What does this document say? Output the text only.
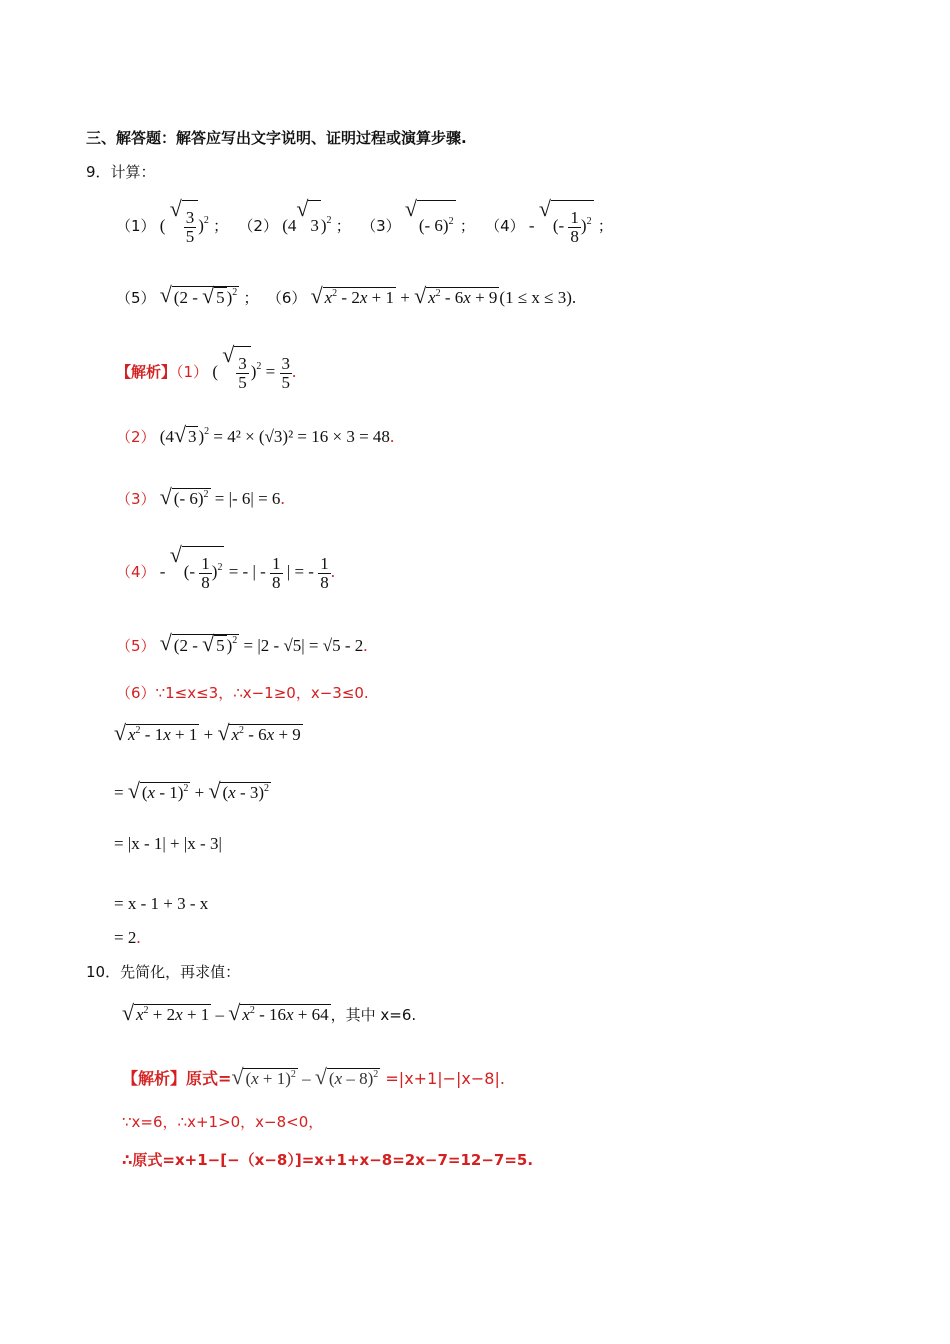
三、解答题：解答应写出文字说明、证明过程或演算步骤.
9．计算：
（1） ( √ $\frac{3}{5} )^2$ ； （2） (4 √ 3 )$^2$ ； （3） √ (- 6)$^2$ ； （4） - √ (- $\frac{1}{8} )^2$ ；
（5） √ (2 - √ 5 )$^2$ ； （6） √ $x^2 - 2x + 1$ + √ $x^2 - 6x + 9$ (1 ≤ x ≤ 3).
【解析】（1） ( √ $\frac{3}{5} )^2 = \frac{3}{5}$ .
（2） (4 √ 3 )$^2$ = 4² × (√3)² = 16 × 3 = 48.
（3） √ (- 6)$^2$ = |- 6| = 6.
（4） - √ (- $\frac{1}{8} )^2$ = - | - $\frac{1}{8}$ | = - $\frac{1}{8}$ .
（5） √ (2 - √ 5 )$^2$ = |2 - √5| = √5 - 2.
（6）∵1≤x≤3，∴x−1≥0，x−3≤0.
√ $x^2 - 1x + 1$ + √ $x^2 - 6x + 9$
= √ (x - 1)$^2$ + √ (x - 3)$^2$
= |x - 1| + |x - 3|
= x - 1 + 3 - x
= 2.
10．先简化，再求值：
√ $x^2 + 2x + 1$ – √ $x^2 - 16x + 64$ ，其中 x=6.
【解析】原式= √ $(x + 1)^2$ – √ (x – 8)$^2$ =|x+1|−|x−8|.
∵x=6，∴x+1>0，x−8<0，
∴原式=x+1−[−（x−8）]=x+1+x−8=2x−7=12−7=5.
